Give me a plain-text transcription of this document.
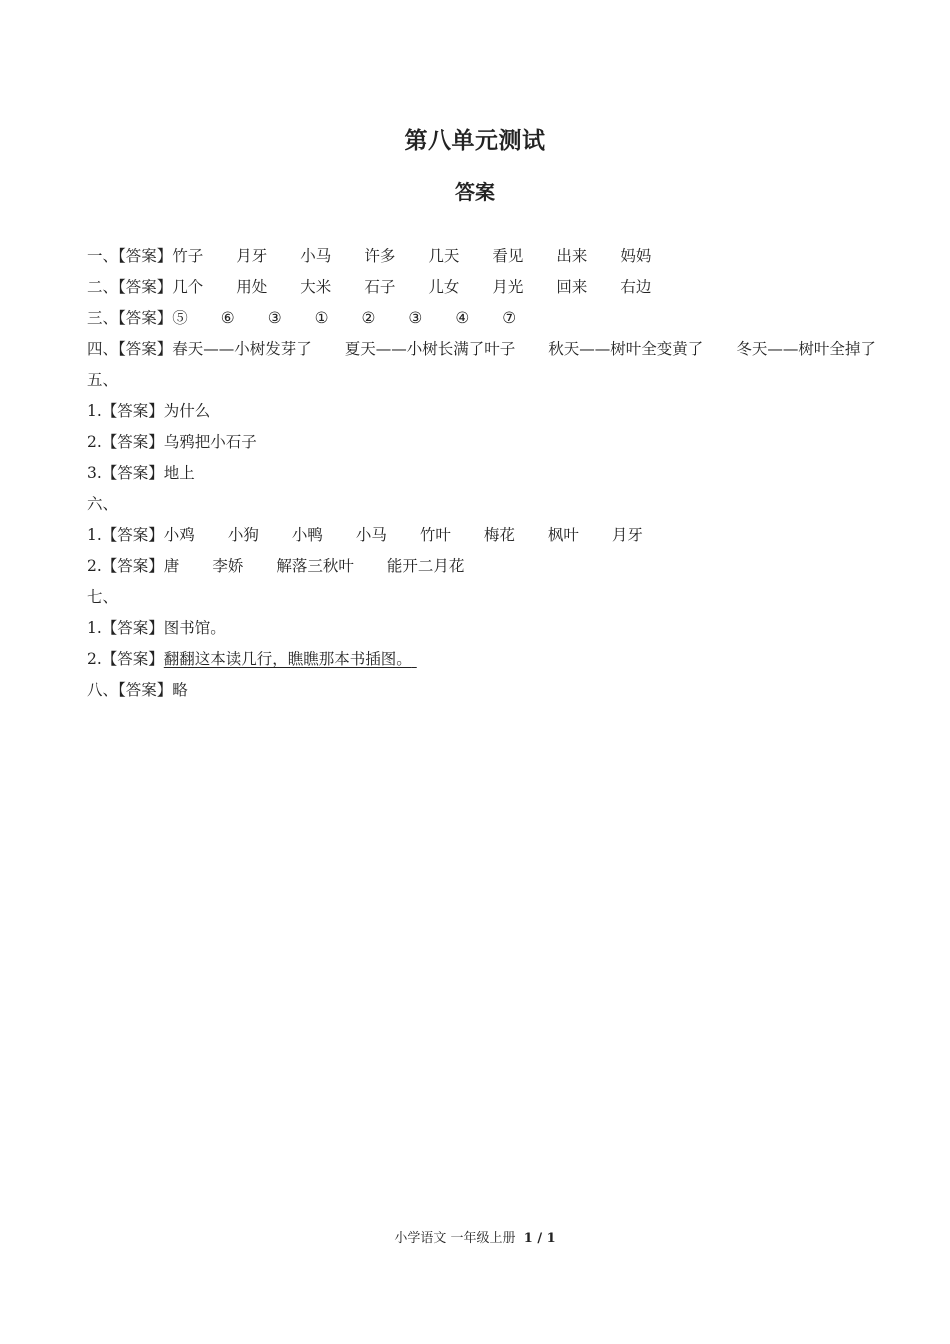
第八单元测试
答案
一、【答案】竹子 月牙 小马 许多 几天 看见 出来 妈妈
二、【答案】几个 用处 大米 石子 儿女 月光 回来 右边
三、【答案】⑤ ⑥ ③ ① ② ③ ④ ⑦
四、【答案】春天——小树发芽了 夏天——小树长满了叶子 秋天——树叶全变黄了 冬天——树叶全掉了
五、
1.【答案】为什么
2.【答案】乌鸦把小石子
3.【答案】地上
六、
1.【答案】小鸡 小狗 小鸭 小马 竹叶 梅花 枫叶 月牙
2.【答案】唐 李娇 解落三秋叶 能开二月花
七、
1.【答案】图书馆。
2.【答案】翻翻这本读几行，瞧瞧那本书插图。
八、【答案】略
小学语文 一年级上册 1 / 1
